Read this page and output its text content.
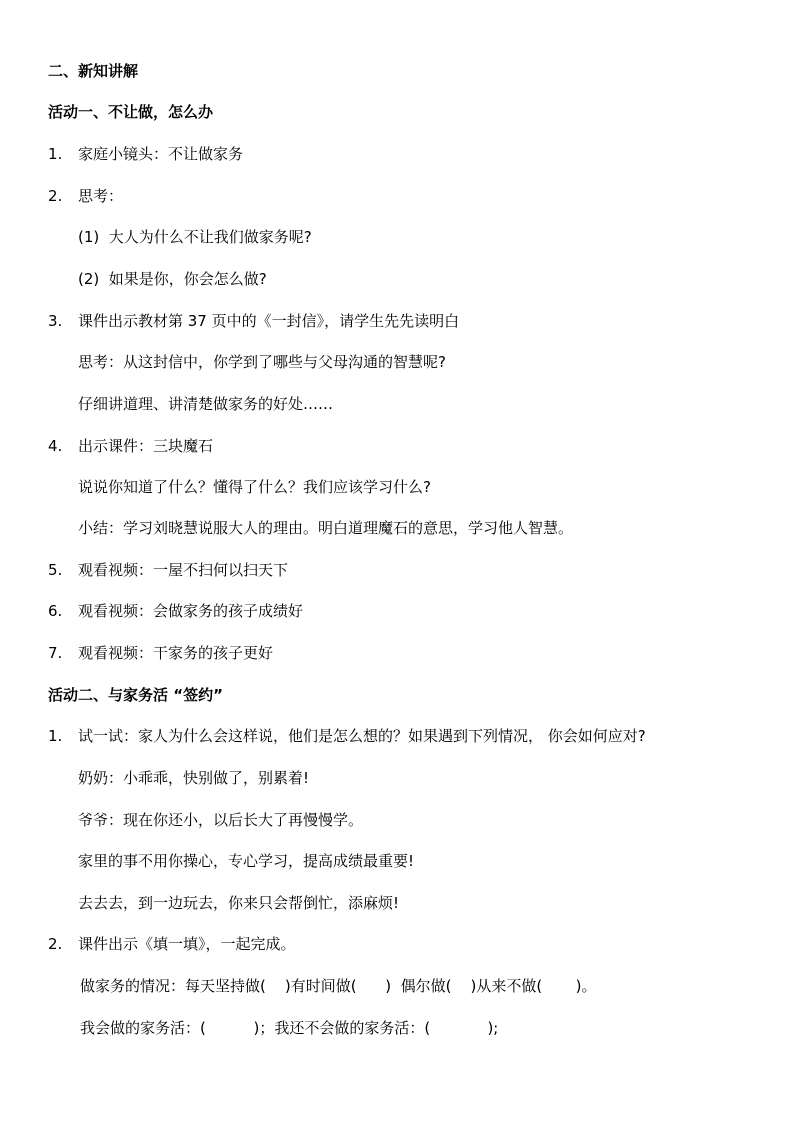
二、新知讲解
活动一、不让做，怎么办
1. 家庭小镜头：不让做家务
2. 思考：
(1)  大人为什么不让我们做家务呢?
(2)  如果是你，你会怎么做?
3. 课件出示教材第 37 页中的《一封信》，请学生先先读明白
思考：从这封信中，你学到了哪些与父母沟通的智慧呢?
仔细讲道理、讲清楚做家务的好处……
4. 出示课件：三块魔石
说说你知道了什么？懂得了什么？我们应该学习什么?
小结：学习刘晓慧说服大人的理由。明白道理魔石的意思，学习他人智慧。
5. 观看视频：一屋不扫何以扫天下
6. 观看视频：会做家务的孩子成绩好
7. 观看视频：干家务的孩子更好
活动二、与家务活 “签约”
1. 试一试：家人为什么会这样说，他们是怎么想的？如果遇到下列情况， 你会如何应对?
奶奶：小乖乖，快别做了，别累着!
爷爷：现在你还小，以后长大了再慢慢学。
家里的事不用你操心，专心学习，提高成绩最重要!
去去去，到一边玩去，你来只会帮倒忙，添麻烦!
2. 课件出示《填一填》，一起完成。
做家务的情况：每天坚持做(    )有时间做(      )  偶尔做(    )从来不做(       )。
我会做的家务活：(          )；我还不会做的家务活：(            );
